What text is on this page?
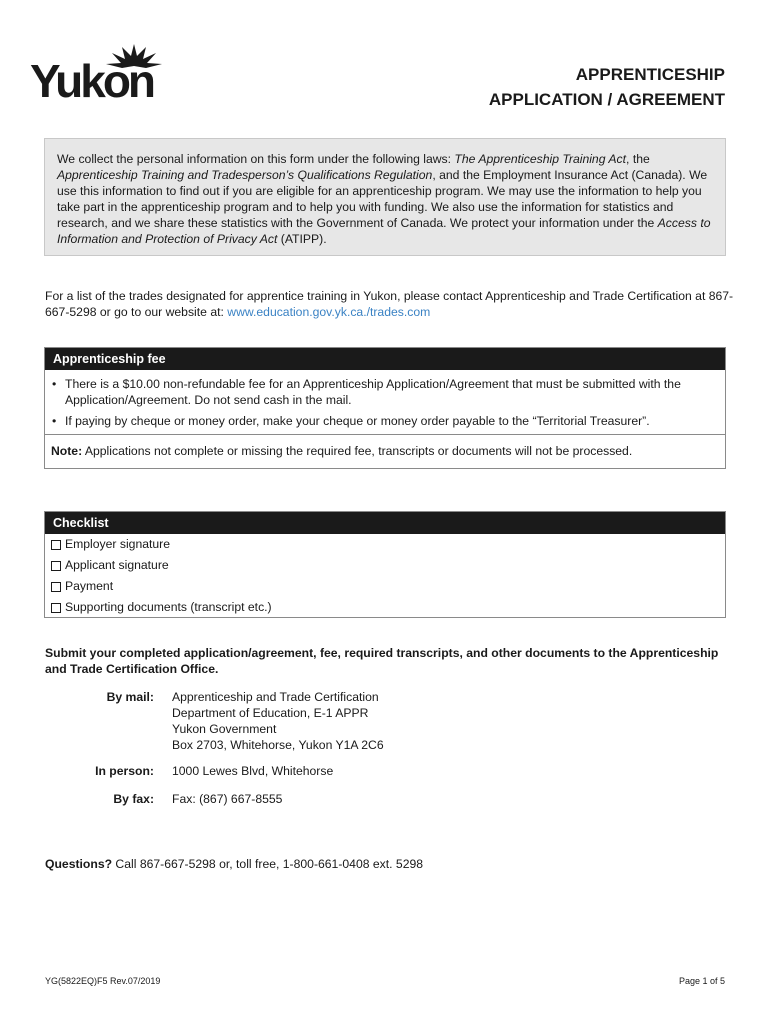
Yukon	APPRENTICESHIP
APPLICATION / AGREEMENT
We collect the personal information on this form under the following laws: The Apprenticeship Training Act, the Apprenticeship Training and Tradesperson’s Qualifications Regulation, and the Employment Insurance Act (Canada). We use this information to find out if you are eligible for an apprenticeship program. We may use the information to help you take part in the apprenticeship program and to help you with funding. We also use the information for statistics and research, and we share these statistics with the Government of Canada. We protect your information under the Access to Information and Protection of Privacy Act (ATIPP).
For a list of the trades designated for apprentice training in Yukon, please contact Apprenticeship and Trade Certification at 867-667-5298 or go to our website at: www.education.gov.yk.ca./trades.com
Apprenticeship fee
• There is a $10.00 non-refundable fee for an Apprenticeship Application/Agreement that must be submitted with the Application/Agreement. Do not send cash in the mail.
• If paying by cheque or money order, make your cheque or money order payable to the “Territorial Treasurer”.
Note: Applications not complete or missing the required fee, transcripts or documents will not be processed.
Checklist
Employer signature
Applicant signature
Payment
Supporting documents (transcript etc.)
Submit your completed application/agreement, fee, required transcripts, and other documents to the Apprenticeship and Trade Certification Office.
By mail: Apprenticeship and Trade Certification
Department of Education, E-1 APPR
Yukon Government
Box 2703, Whitehorse, Yukon Y1A 2C6
In person: 1000 Lewes Blvd, Whitehorse
By fax: Fax: (867) 667-8555
Questions? Call 867-667-5298 or, toll free, 1-800-661-0408 ext. 5298
YG(5822EQ)F5 Rev.07/2019	Page 1 of 5
